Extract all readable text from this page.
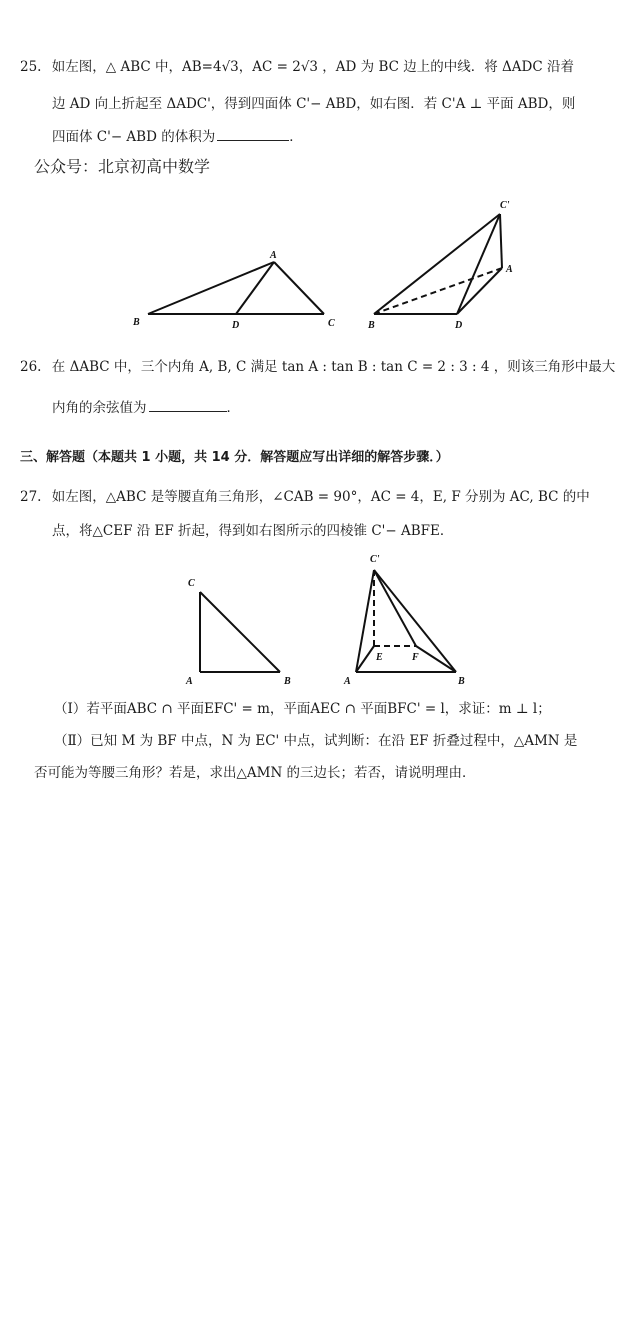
25. 如左图，△ ABC 中，AB=4√3，AC = 2√3 ，AD 为 BC 边上的中线．将 ΔADC 沿着
边 AD 向上折起至 ΔADC'，得到四面体 C'− ABD，如右图．若 C'A ⊥ 平面 ABD，则
四面体 C'− ABD 的体积为	．
公众号：北京初高中数学
A
B	D	C
C'
A
B	D
26. 在 ΔABC 中，三个内角 A, B, C 满足 tan A : tan B : tan C = 2 : 3 : 4 ，则该三角形中最大
内角的余弦值为	．
三、解答题（本题共 1 小题，共 14 分．解答题应写出详细的解答步骤．）
27. 如左图，△ABC 是等腰直角三角形，∠CAB = 90°，AC = 4，E, F 分别为 AC, BC 的中
点，将△CEF 沿 EF 折起，得到如右图所示的四棱锥 C'− ABFE．
C
A	B
C'
E	F
A	B
（Ⅰ）若平面ABC ∩ 平面EFC' = m，平面AEC ∩ 平面BFC' = l，求证：m ⊥ l；
（Ⅱ）已知 M 为 BF 中点，N 为 EC' 中点，试判断：在沿 EF 折叠过程中，△AMN 是
否可能为等腰三角形？若是，求出△AMN 的三边长；若否，请说明理由．
